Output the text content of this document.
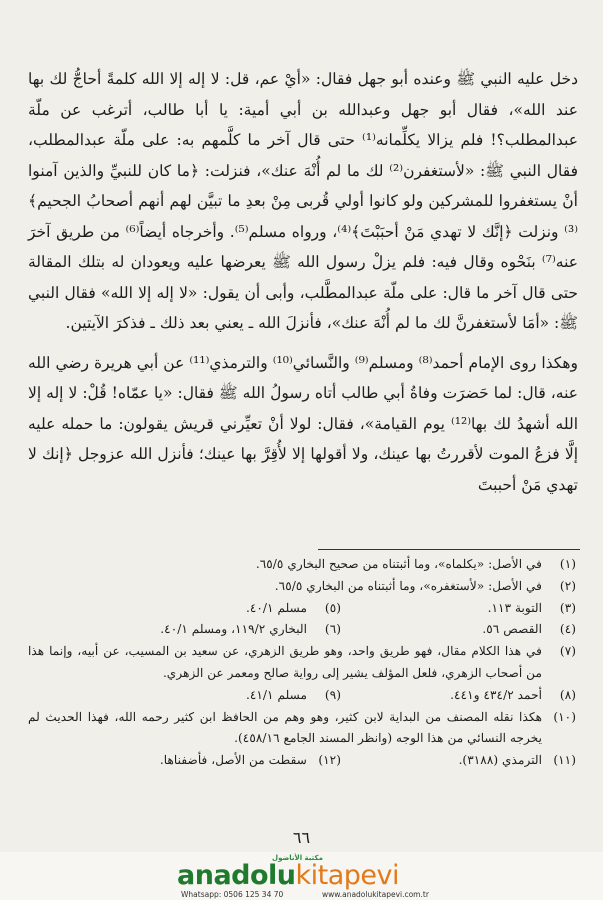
دخل عليه النبي ﷺ وعنده أبو جهل فقال: «أيْ عم، قل: لا إله إلا الله كلمةً أحاجُّ لك بها عند الله»، فقال أبو جهل وعبدالله بن أبي أمية: يا أبا طالب، أترغب عن ملّة عبدالمطلب؟! فلم يزالا يكلِّمانه⁽¹⁾ حتى قال آخر ما كلَّمهم به: على ملّة عبدالمطلب، فقال النبي ﷺ: «لأستغفرن⁽²⁾ لك ما لم أُنْهَ عنك»، فنزلت: ﴿ما كان للنبيِّ والذين آمنوا أنْ يستغفروا للمشركين ولو كانوا أولي قُربى مِنْ بعدِ ما تبيَّن لهم أنهم أصحابُ الجحيم﴾⁽³⁾ ونزلت ﴿إنَّك لا تهدي مَنْ أحبَبْتَ﴾⁽⁴⁾، ورواه مسلم⁽⁵⁾. وأخرجاه أيضاً⁽⁶⁾ من طريق آخرَ عنه⁽⁷⁾ بنَحْوه وقال فيه: فلم يزلْ رسول الله ﷺ يعرضها عليه ويعودان له بتلك المقالة حتى قال آخر ما قال: على ملّة عبدالمطَّلب، وأبى أن يقول: «لا إله إلا الله» فقال النبي ﷺ: «أمَا لأستغفرنَّ لك ما لم أُنْهَ عنك»، فأنزلَ الله ـ يعني بعد ذلك ـ فذكرَ الآيتين.

وهكذا روى الإمام أحمد⁽⁸⁾ ومسلم⁽⁹⁾ والنَّسائي⁽¹⁰⁾ والترمذي⁽¹¹⁾ عن أبي هريرة رضي الله عنه، قال: لما حَضرَت وفاةُ أبي طالب أتاه رسولُ الله ﷺ فقال: «يا عمّاه! قُلْ: لا إله إلا الله أشهدُ لك بها⁽¹²⁾ يوم القيامة»، فقال: لولا أنْ تعيِّرني قريش يقولون: ما حمله عليه إلَّا فزعُ الموت لأقررتُ بها عينك، ولا أقولها إلا لأُقِرَّ بها عينك؛ فأنزل الله عزوجل ﴿إنك لا تهدي مَنْ أحببتَ

(١)
في الأصل: «يكلماه»، وما أثبتناه من صحيح البخاري ٦٥/٥.
(٢)
في الأصل: «لأستغفره»، وما أثبتناه من البخاري ٦٥/٥.
(٣)
التوبة ١١٣.
(٥)
مسلم ٤٠/١.
(٤)
القصص ٥٦.
(٦)
البخاري ١١٩/٢، ومسلم ٤٠/١.
(٧)
في هذا الكلام مقال، فهو طريق واحد، وهو طريق الزهري، عن سعيد بن المسيب، عن أبيه، وإنما هذا من أصحاب الزهري، فلعل المؤلف يشير إلى رواية صالح ومعمر عن الزهري.
(٨)
أحمد ٤٣٤/٢ و٤٤١.
(٩)
مسلم ٤١/١.
(١٠)
هكذا نقله المصنف من البداية لابن كثير، وهو وهم من الحافظ ابن كثير رحمه الله، فهذا الحديث لم يخرجه النسائي من هذا الوجه (وانظر المسند الجامع ٤٥٨/١٦).
(١١)
الترمذي (٣١٨٨).
(١٢)
سقطت من الأصل، فأضفناها.
٦٦
مكتبة الأناضول
anadolukitapevi
Whatsapp: 0506 125 34 70	www.anadolukitapevi.com.tr
